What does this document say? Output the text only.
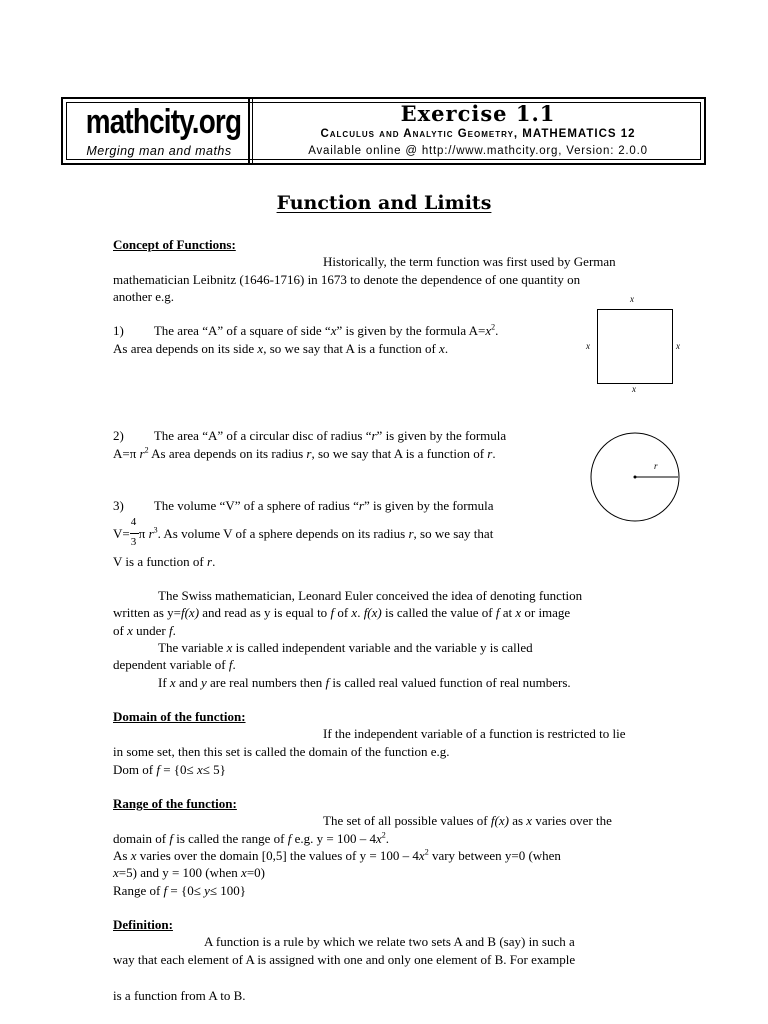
mathcity.org
Merging man and maths
Exercise 1.1
Calculus and Analytic Geometry, MATHEMATICS 12
Available online @ http://www.mathcity.org, Version: 2.0.0
Function and Limits
Concept of Functions:
Historically, the term function was first used by German
mathematician Leibnitz (1646-1716) in 1673 to denote the dependence of one quantity on
another e.g.
1) The area “A” of a square of side “x” is given by the formula $A=x^2$.
As area depends on its side x, so we say that A is a function of x.
x
x	x
x
2) The area “A” of a circular disc of radius “r” is given by the formula
A=π $r^2$ As area depends on its radius r, so we say that A is a function of r.
r
3) The volume “V” of a sphere of radius “r” is given by the formula
$V= \frac{4}{3}$ π $r^3$. As volume V of a sphere depends on its radius r, so we say that
V is a function of r.
The Swiss mathematician, Leonard Euler conceived the idea of denoting function
written as y=f(x) and read as y is equal to f of x. f(x) is called the value of f at x or image
of x under f.
The variable x is called independent variable and the variable y is called
dependent variable of f.
If x and y are real numbers then f is called real valued function of real numbers.
Domain of the function:
If the independent variable of a function is restricted to lie
in some set, then this set is called the domain of the function e.g.
Dom of f = {0≤ x≤ 5}
Range of the function:
The set of all possible values of f(x) as x varies over the
domain of f is called the range of f e.g. $y = 100 - 4x^2$.
As x varies over the domain [0,5] the values of $y = 100 - 4x^2$ vary between y=0 (when
x=5) and y = 100 (when x=0)
Range of f = {0≤ y≤ 100}
Definition:
A function is a rule by which we relate two sets A and B (say) in such a
way that each element of A is assigned with one and only one element of B. For example
is a function from A to B.
